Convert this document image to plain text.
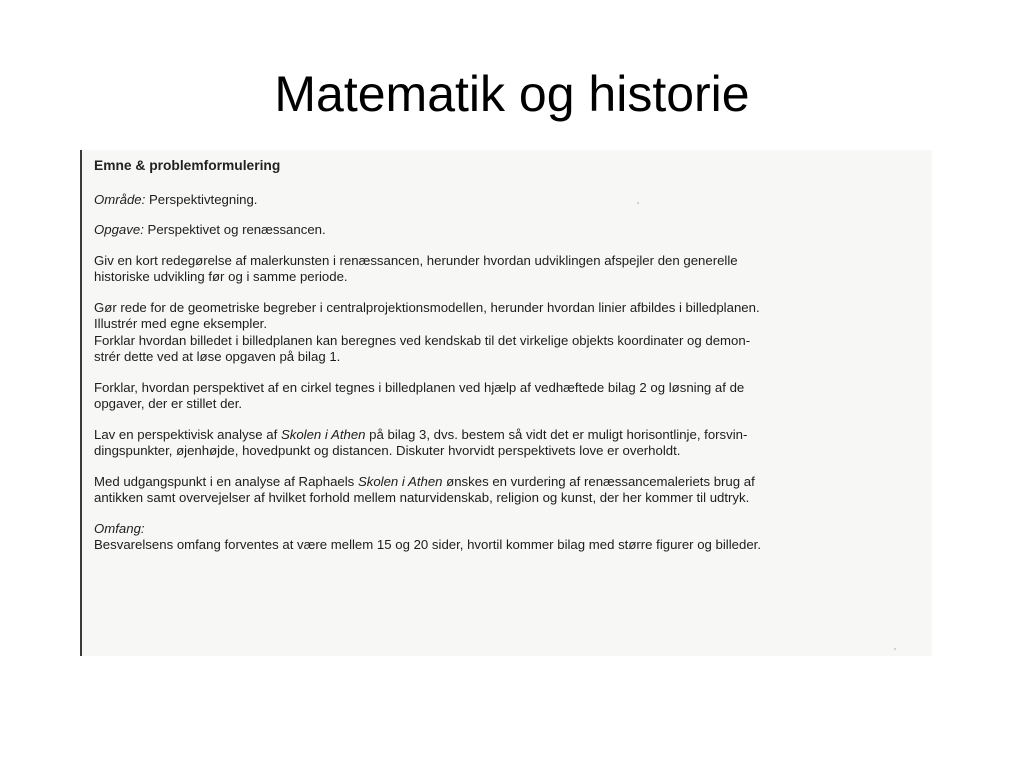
Matematik og historie
Emne & problemformulering

Område: Perspektivtegning.

Opgave: Perspektivet og renæssancen.

Giv en kort redegørelse af malerkunsten i renæssancen, herunder hvordan udviklingen afspejler den generelle
historiske udvikling før og i samme periode.

Gør rede for de geometriske begreber i centralprojektionsmodellen, herunder hvordan linier afbildes i billedplanen.
Illustrér med egne eksempler.
Forklar hvordan billedet i billedplanen kan beregnes ved kendskab til det virkelige objekts koordinater og demon-
strér dette ved at løse opgaven på bilag 1.

Forklar, hvordan perspektivet af en cirkel tegnes i billedplanen ved hjælp af vedhæftede bilag 2 og løsning af de
opgaver, der er stillet der.

Lav en perspektivisk analyse af Skolen i Athen på bilag 3, dvs. bestem så vidt det er muligt horisontlinje, forsvin-
dingspunkter, øjenhøjde, hovedpunkt og distancen. Diskuter hvorvidt perspektivets love er overholdt.

Med udgangspunkt i en analyse af Raphaels Skolen i Athen ønskes en vurdering af renæssancemaleriets brug af
antikken samt overvejelser af hvilket forhold mellem naturvidenskab, religion og kunst, der her kommer til udtryk.

Omfang:
Besvarelsens omfang forventes at være mellem 15 og 20 sider, hvortil kommer bilag med større figurer og billeder.
